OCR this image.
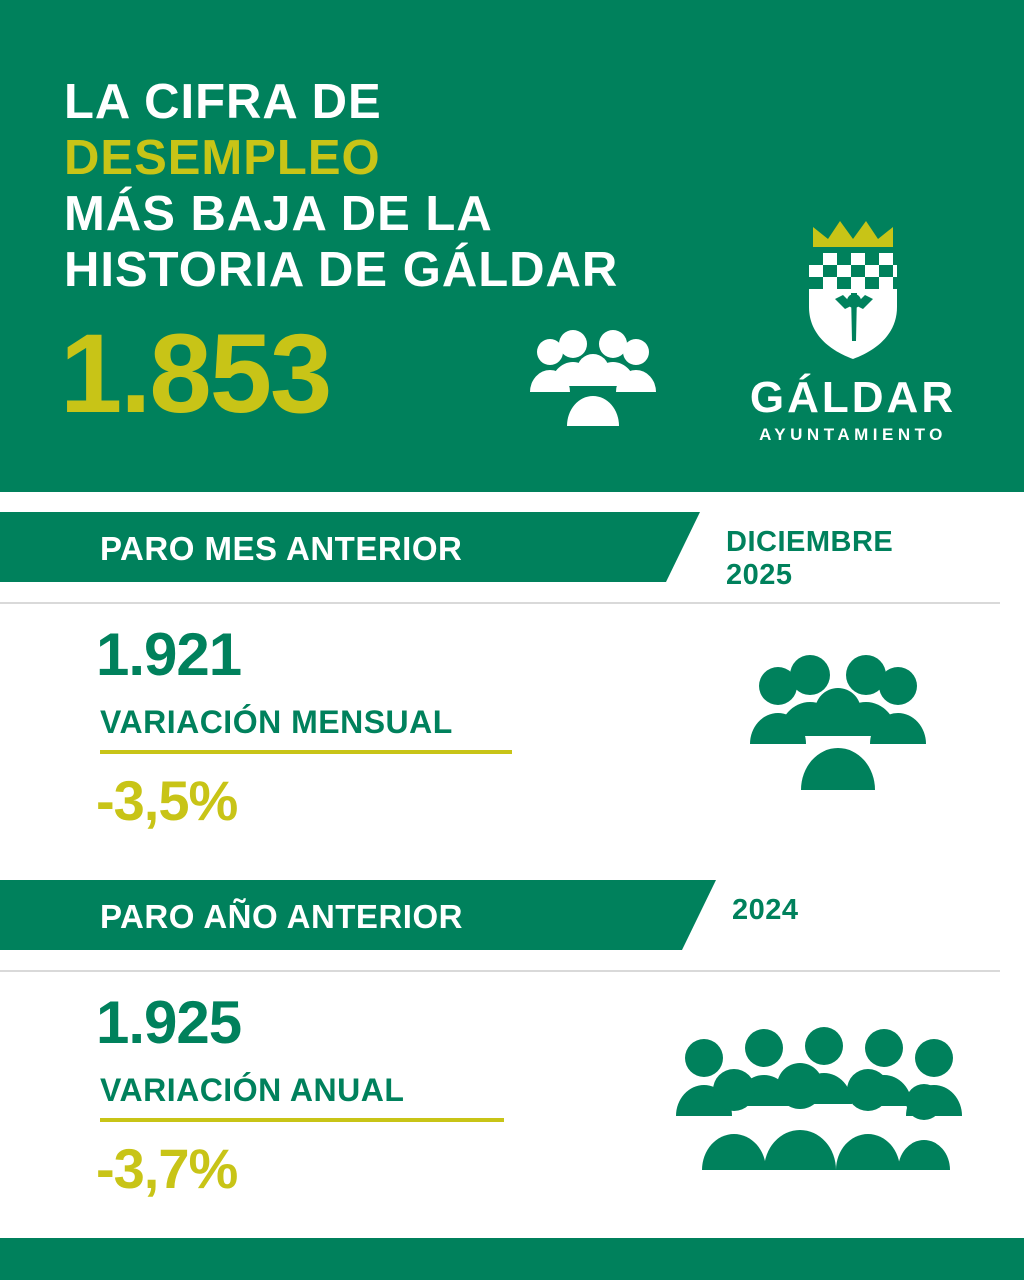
LA CIFRA DE
DESEMPLEO
MÁS BAJA DE LA
HISTORIA DE GÁLDAR
1.853	GÁLDAR
AYUNTAMIENTO
PARO MES ANTERIOR	DICIEMBRE 2025
1.921
VARIACIÓN MENSUAL
-3,5%
PARO AÑO ANTERIOR	2024
1.925
VARIACIÓN ANUAL
-3,7%
